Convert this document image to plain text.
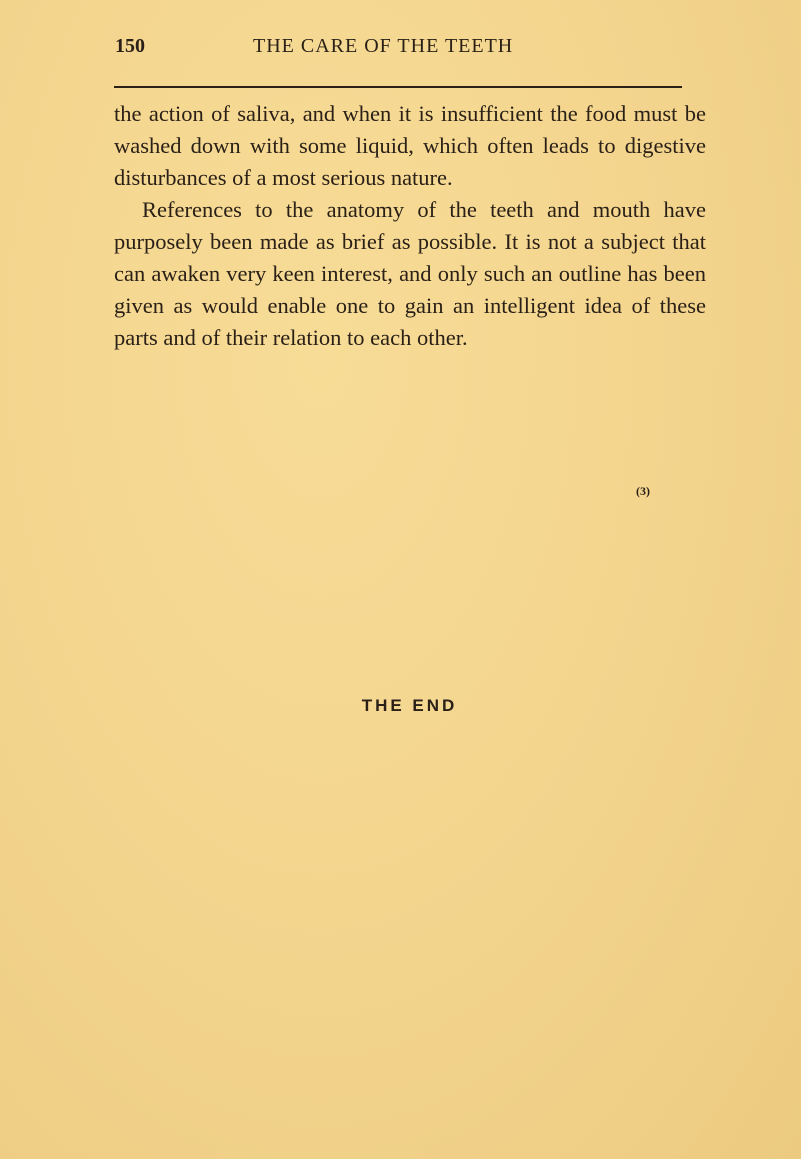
150	THE CARE OF THE TEETH

the action of saliva, and when it is insufficient the food must be washed down with some liquid, which often leads to digestive disturbances of a most serious nature.

References to the anatomy of the teeth and mouth have purposely been made as brief as possible. It is not a subject that can awaken very keen interest, and only such an outline has been given as would enable one to gain an intelligent idea of these parts and of their relation to each other.

(3)
THE END
